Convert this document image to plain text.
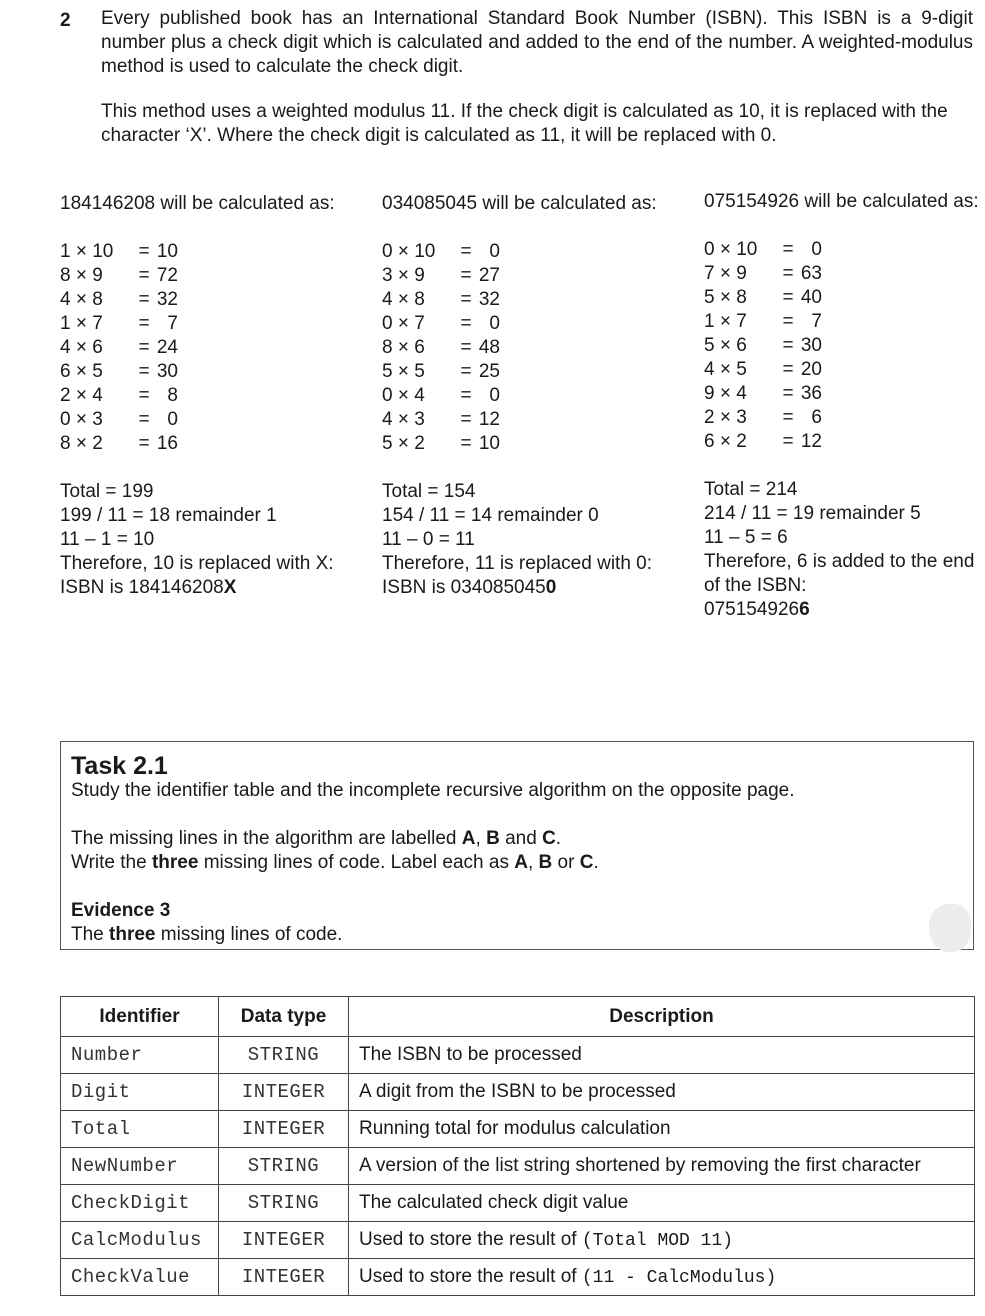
2 Every published book has an International Standard Book Number (ISBN). This ISBN is a 9-digit number plus a check digit which is calculated and added to the end of the number. A weighted-modulus method is used to calculate the check digit.

This method uses a weighted modulus 11. If the check digit is calculated as 10, it is replaced with the character ‘X’. Where the check digit is calculated as 11, it will be replaced with 0.

184146208 will be calculated as:

1 × 10	= 10
8 × 9	= 72
4 × 8	= 32
1 × 7	= 7
4 × 6	= 24
6 × 5	= 30
2 × 4	= 8
0 × 3	= 0
8 × 2	= 16

Total = 199

199 / 11 = 18 remainder 1

11 – 1 = 10

Therefore, 10 is replaced with X:

ISBN is 184146208X

034085045 will be calculated as:

0 × 10	= 0
3 × 9	= 27
4 × 8	= 32
0 × 7	= 0
8 × 6	= 48
5 × 5	= 25
0 × 4	= 0
4 × 3	= 12
5 × 2	= 10

Total = 154

154 / 11 = 14 remainder 0

11 – 0 = 11

Therefore, 11 is replaced with 0:

ISBN is 0340850450

075154926 will be calculated as:

0 × 10	= 0
7 × 9	= 63
5 × 8	= 40
1 × 7	= 7
5 × 6	= 30
4 × 5	= 20
9 × 4	= 36
2 × 3	= 6
6 × 2	= 12

Total = 214

214 / 11 = 19 remainder 5

11 – 5 = 6

Therefore, 6 is added to the end of the ISBN:

0751549266

Task 2.1
Study the identifier table and the incomplete recursive algorithm on the opposite page.
The missing lines in the algorithm are labelled A, B and C.
Write the three missing lines of code. Label each as A, B or C.
Evidence 3
The three missing lines of code.
Identifier	Data type	Description
Number	STRING	The ISBN to be processed
Digit	INTEGER	A digit from the ISBN to be processed
Total	INTEGER	Running total for modulus calculation
NewNumber	STRING	A version of the list string shortened by removing the first character
CheckDigit	STRING	The calculated check digit value
CalcModulus	INTEGER	Used to store the result of (Total MOD 11)
CheckValue	INTEGER	Used to store the result of (11 - CalcModulus)
